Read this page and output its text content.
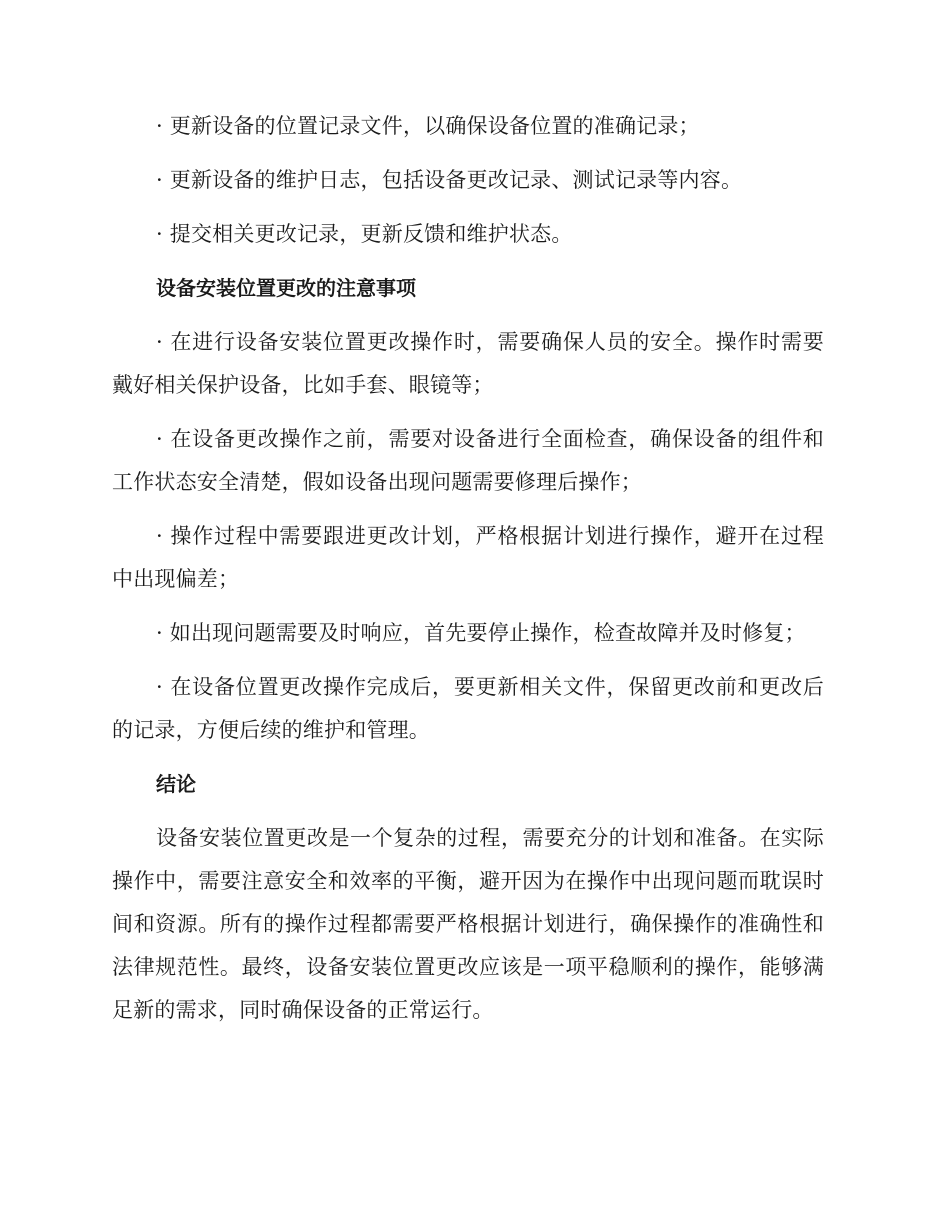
· 更新设备的位置记录文件，以确保设备位置的准确记录；

· 更新设备的维护日志，包括设备更改记录、测试记录等内容。

· 提交相关更改记录，更新反馈和维护状态。

设备安装位置更改的注意事项

· 在进行设备安装位置更改操作时，需要确保人员的安全。操作时需要戴好相关保护设备，比如手套、眼镜等；

· 在设备更改操作之前，需要对设备进行全面检查，确保设备的组件和工作状态安全清楚，假如设备出现问题需要修理后操作；

· 操作过程中需要跟进更改计划，严格根据计划进行操作，避开在过程中出现偏差；

· 如出现问题需要及时响应，首先要停止操作，检查故障并及时修复；

· 在设备位置更改操作完成后，要更新相关文件，保留更改前和更改后的记录，方便后续的维护和管理。

结论

设备安装位置更改是一个复杂的过程，需要充分的计划和准备。在实际操作中，需要注意安全和效率的平衡，避开因为在操作中出现问题而耽误时间和资源。所有的操作过程都需要严格根据计划进行，确保操作的准确性和法律规范性。最终，设备安装位置更改应该是一项平稳顺利的操作，能够满足新的需求，同时确保设备的正常运行。
